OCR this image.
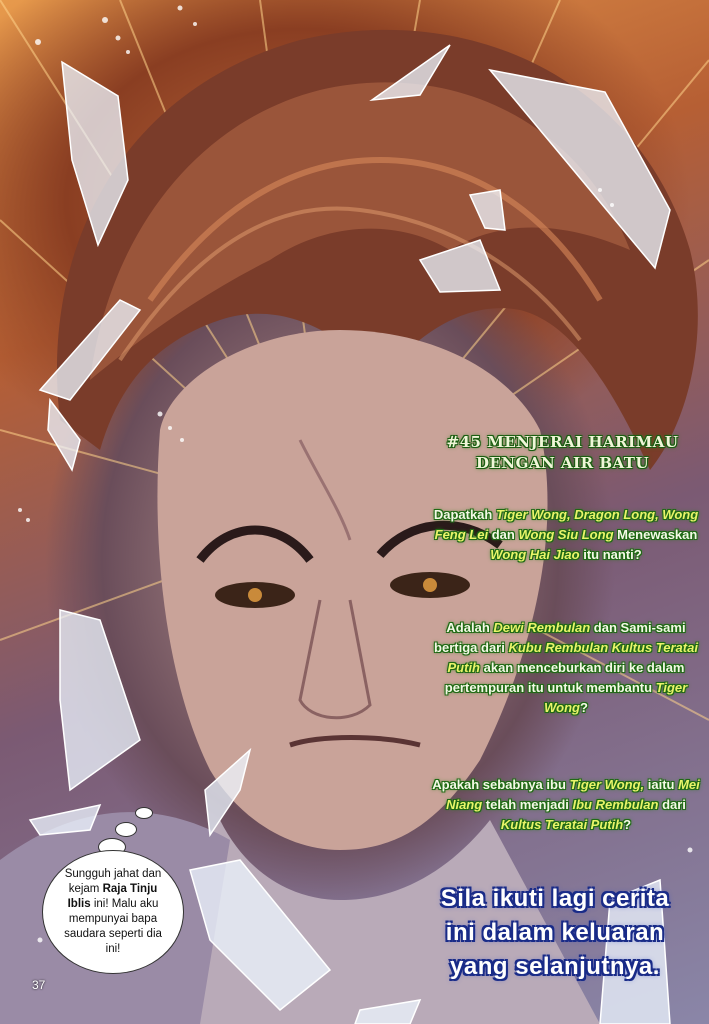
#45 MENJERAI HARIMAU
DENGAN AIR BATU
Dapatkah Tiger Wong, Dragon Long, Wong Feng Lei dan Wong Siu Long Menewaskan Wong Hai Jiao itu nanti?
Adalah Dewi Rembulan dan Sami-sami bertiga dari Kubu Rembulan Kultus Teratai Putih akan menceburkan diri ke dalam pertempuran itu untuk membantu Tiger Wong?
Apakah sebabnya ibu Tiger Wong, iaitu Mei Niang telah menjadi Ibu Rembulan dari Kultus Teratai Putih?
Sila ikuti lagi cerita
ini dalam keluaran
yang selanjutnya.
Sungguh jahat dan kejam Raja Tinju Iblis ini! Malu aku mempunyai bapa saudara seperti dia ini!
37
